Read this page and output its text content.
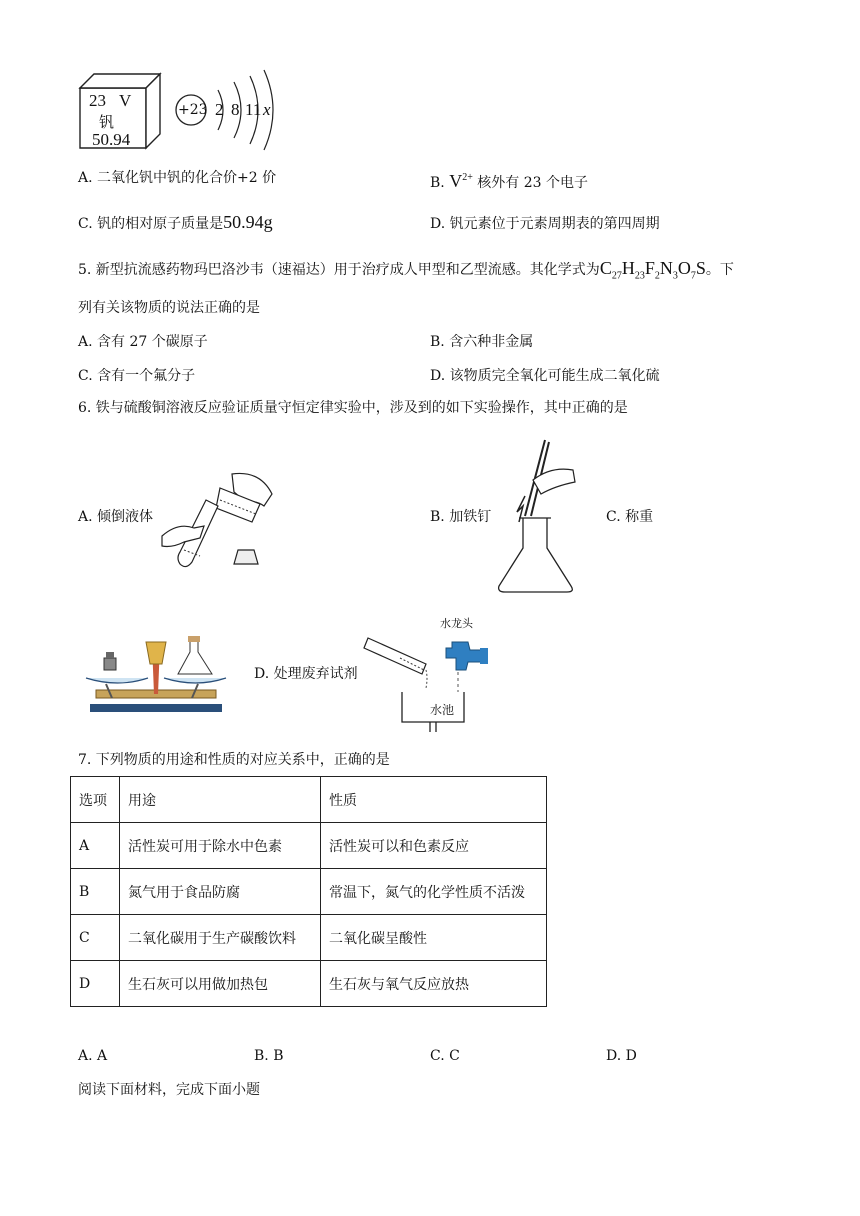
23 V
钒
50.94
+23 2 8 11 x
A. 二氧化钒中钒的化合价+2 价	B. $V^{2+}$ 核外有 23 个电子
C. 钒的相对原子质量是50.94g	D. 钒元素位于元素周期表的第四周期
5. 新型抗流感药物玛巴洛沙韦（速福达）用于治疗成人甲型和乙型流感。其化学式为$C_{27}H_{23}F_2N_3O_7S$。下
列有关该物质的说法正确的是
A. 含有 27 个碳原子	B. 含六种非金属
C. 含有一个氟分子	D. 该物质完全氧化可能生成二氧化硫
6. 铁与硫酸铜溶液反应验证质量守恒定律实验中，涉及到的如下实验操作，其中正确的是
A. 倾倒液体	B. 加铁钉	C. 称重
D. 处理废弃试剂
水龙头
水池
7. 下列物质的用途和性质的对应关系中，正确的是
选项	用途	性质
A	活性炭可用于除水中色素	活性炭可以和色素反应
B	氮气用于食品防腐	常温下，氮气的化学性质不活泼
C	二氧化碳用于生产碳酸饮料	二氧化碳呈酸性
D	生石灰可以用做加热包	生石灰与氧气反应放热
A. A	B. B	C. C	D. D
阅读下面材料，完成下面小题
